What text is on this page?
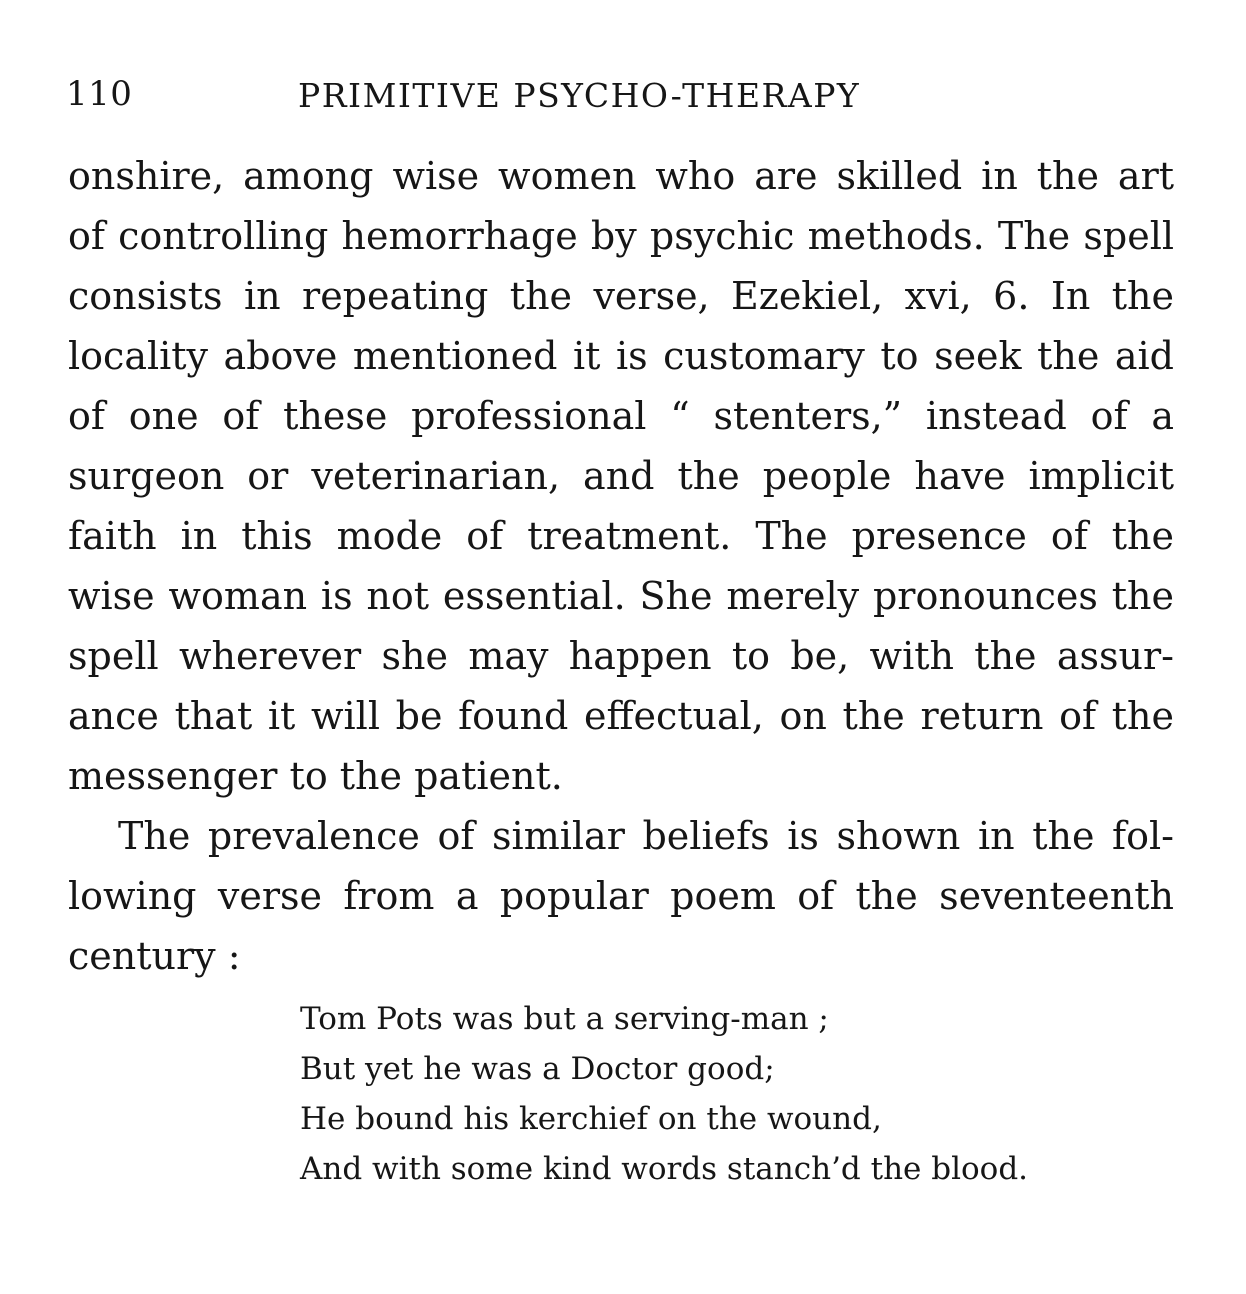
110	PRIMITIVE PSYCHO-THERAPY
onshire, among wise women who are skilled in the art
of controlling hemorrhage by psychic methods. The spell
consists in repeating the verse, Ezekiel, xvi, 6. In the
locality above mentioned it is customary to seek the aid
of one of these professional “ stenters,” instead of a
surgeon or veterinarian, and the people have implicit
faith in this mode of treatment. The presence of the
wise woman is not essential. She merely pronounces the
spell wherever she may happen to be, with the assur-
ance that it will be found effectual, on the return of the
messenger to the patient.
The prevalence of similar beliefs is shown in the fol-
lowing verse from a popular poem of the seventeenth
century :
Tom Pots was but a serving-man ;
But yet he was a Doctor good;
He bound his kerchief on the wound,
And with some kind words stanch’d the blood.
